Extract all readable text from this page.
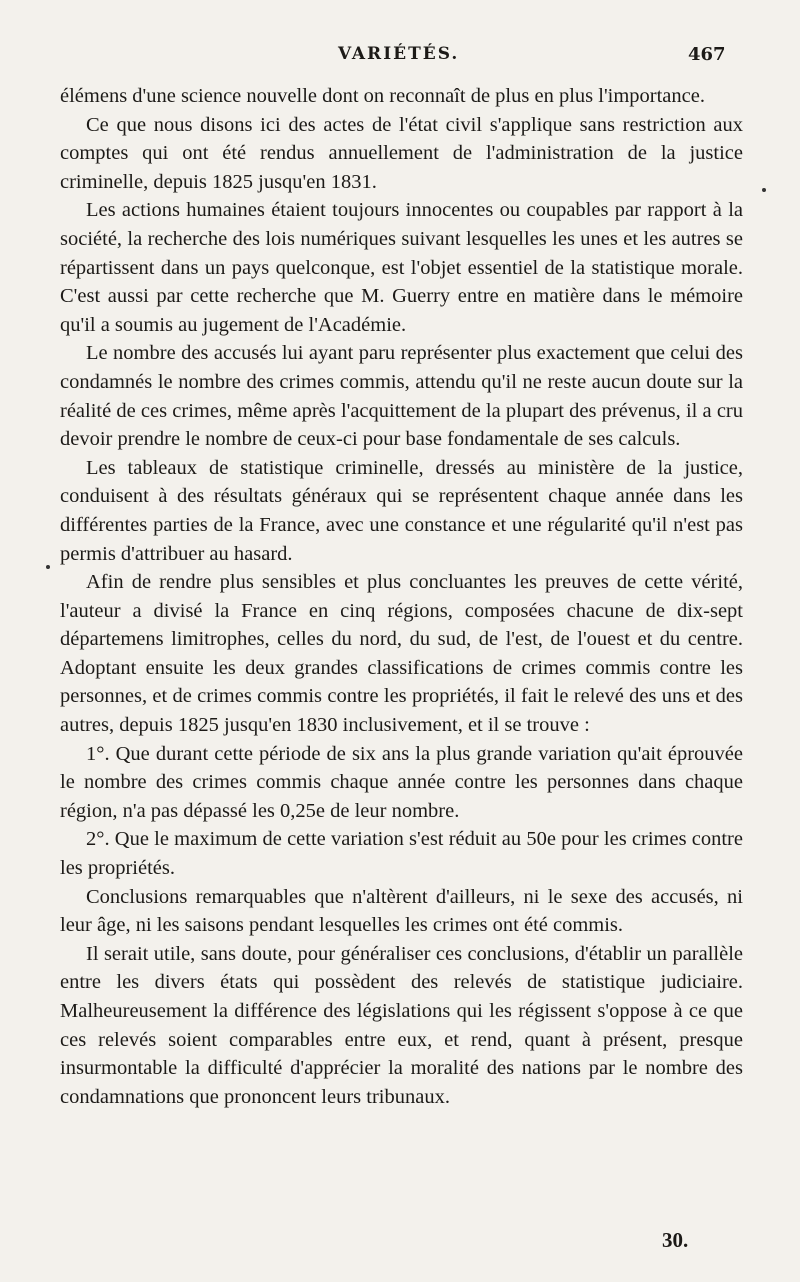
VARIÉTÉS.	467

élémens d'une science nouvelle dont on reconnaît de plus en plus l'importance.

Ce que nous disons ici des actes de l'état civil s'applique sans restriction aux comptes qui ont été rendus annuellement de l'administration de la justice criminelle, depuis 1825 jusqu'en 1831.

Les actions humaines étaient toujours innocentes ou coupables par rapport à la société, la recherche des lois numériques suivant lesquelles les unes et les autres se répartissent dans un pays quelconque, est l'objet essentiel de la statistique morale. C'est aussi par cette recherche que M. Guerry entre en matière dans le mémoire qu'il a soumis au jugement de l'Académie.

Le nombre des accusés lui ayant paru représenter plus exactement que celui des condamnés le nombre des crimes commis, attendu qu'il ne reste aucun doute sur la réalité de ces crimes, même après l'acquittement de la plupart des prévenus, il a cru devoir prendre le nombre de ceux-ci pour base fondamentale de ses calculs.

Les tableaux de statistique criminelle, dressés au ministère de la justice, conduisent à des résultats généraux qui se représentent chaque année dans les différentes parties de la France, avec une constance et une régularité qu'il n'est pas permis d'attribuer au hasard.

Afin de rendre plus sensibles et plus concluantes les preuves de cette vérité, l'auteur a divisé la France en cinq régions, composées chacune de dix-sept départemens limitrophes, celles du nord, du sud, de l'est, de l'ouest et du centre. Adoptant ensuite les deux grandes classifications de crimes commis contre les personnes, et de crimes commis contre les propriétés, il fait le relevé des uns et des autres, depuis 1825 jusqu'en 1830 inclusivement, et il se trouve :

1°. Que durant cette période de six ans la plus grande variation qu'ait éprouvée le nombre des crimes commis chaque année contre les personnes dans chaque région, n'a pas dépassé les 0,25e de leur nombre.

2°. Que le maximum de cette variation s'est réduit au 50e pour les crimes contre les propriétés.

Conclusions remarquables que n'altèrent d'ailleurs, ni le sexe des accusés, ni leur âge, ni les saisons pendant lesquelles les crimes ont été commis.

Il serait utile, sans doute, pour généraliser ces conclusions, d'établir un parallèle entre les divers états qui possèdent des relevés de statistique judiciaire. Malheureusement la différence des législations qui les régissent s'oppose à ce que ces relevés soient comparables entre eux, et rend, quant à présent, presque insurmontable la difficulté d'apprécier la moralité des nations par le nombre des condamnations que prononcent leurs tribunaux.

30.
